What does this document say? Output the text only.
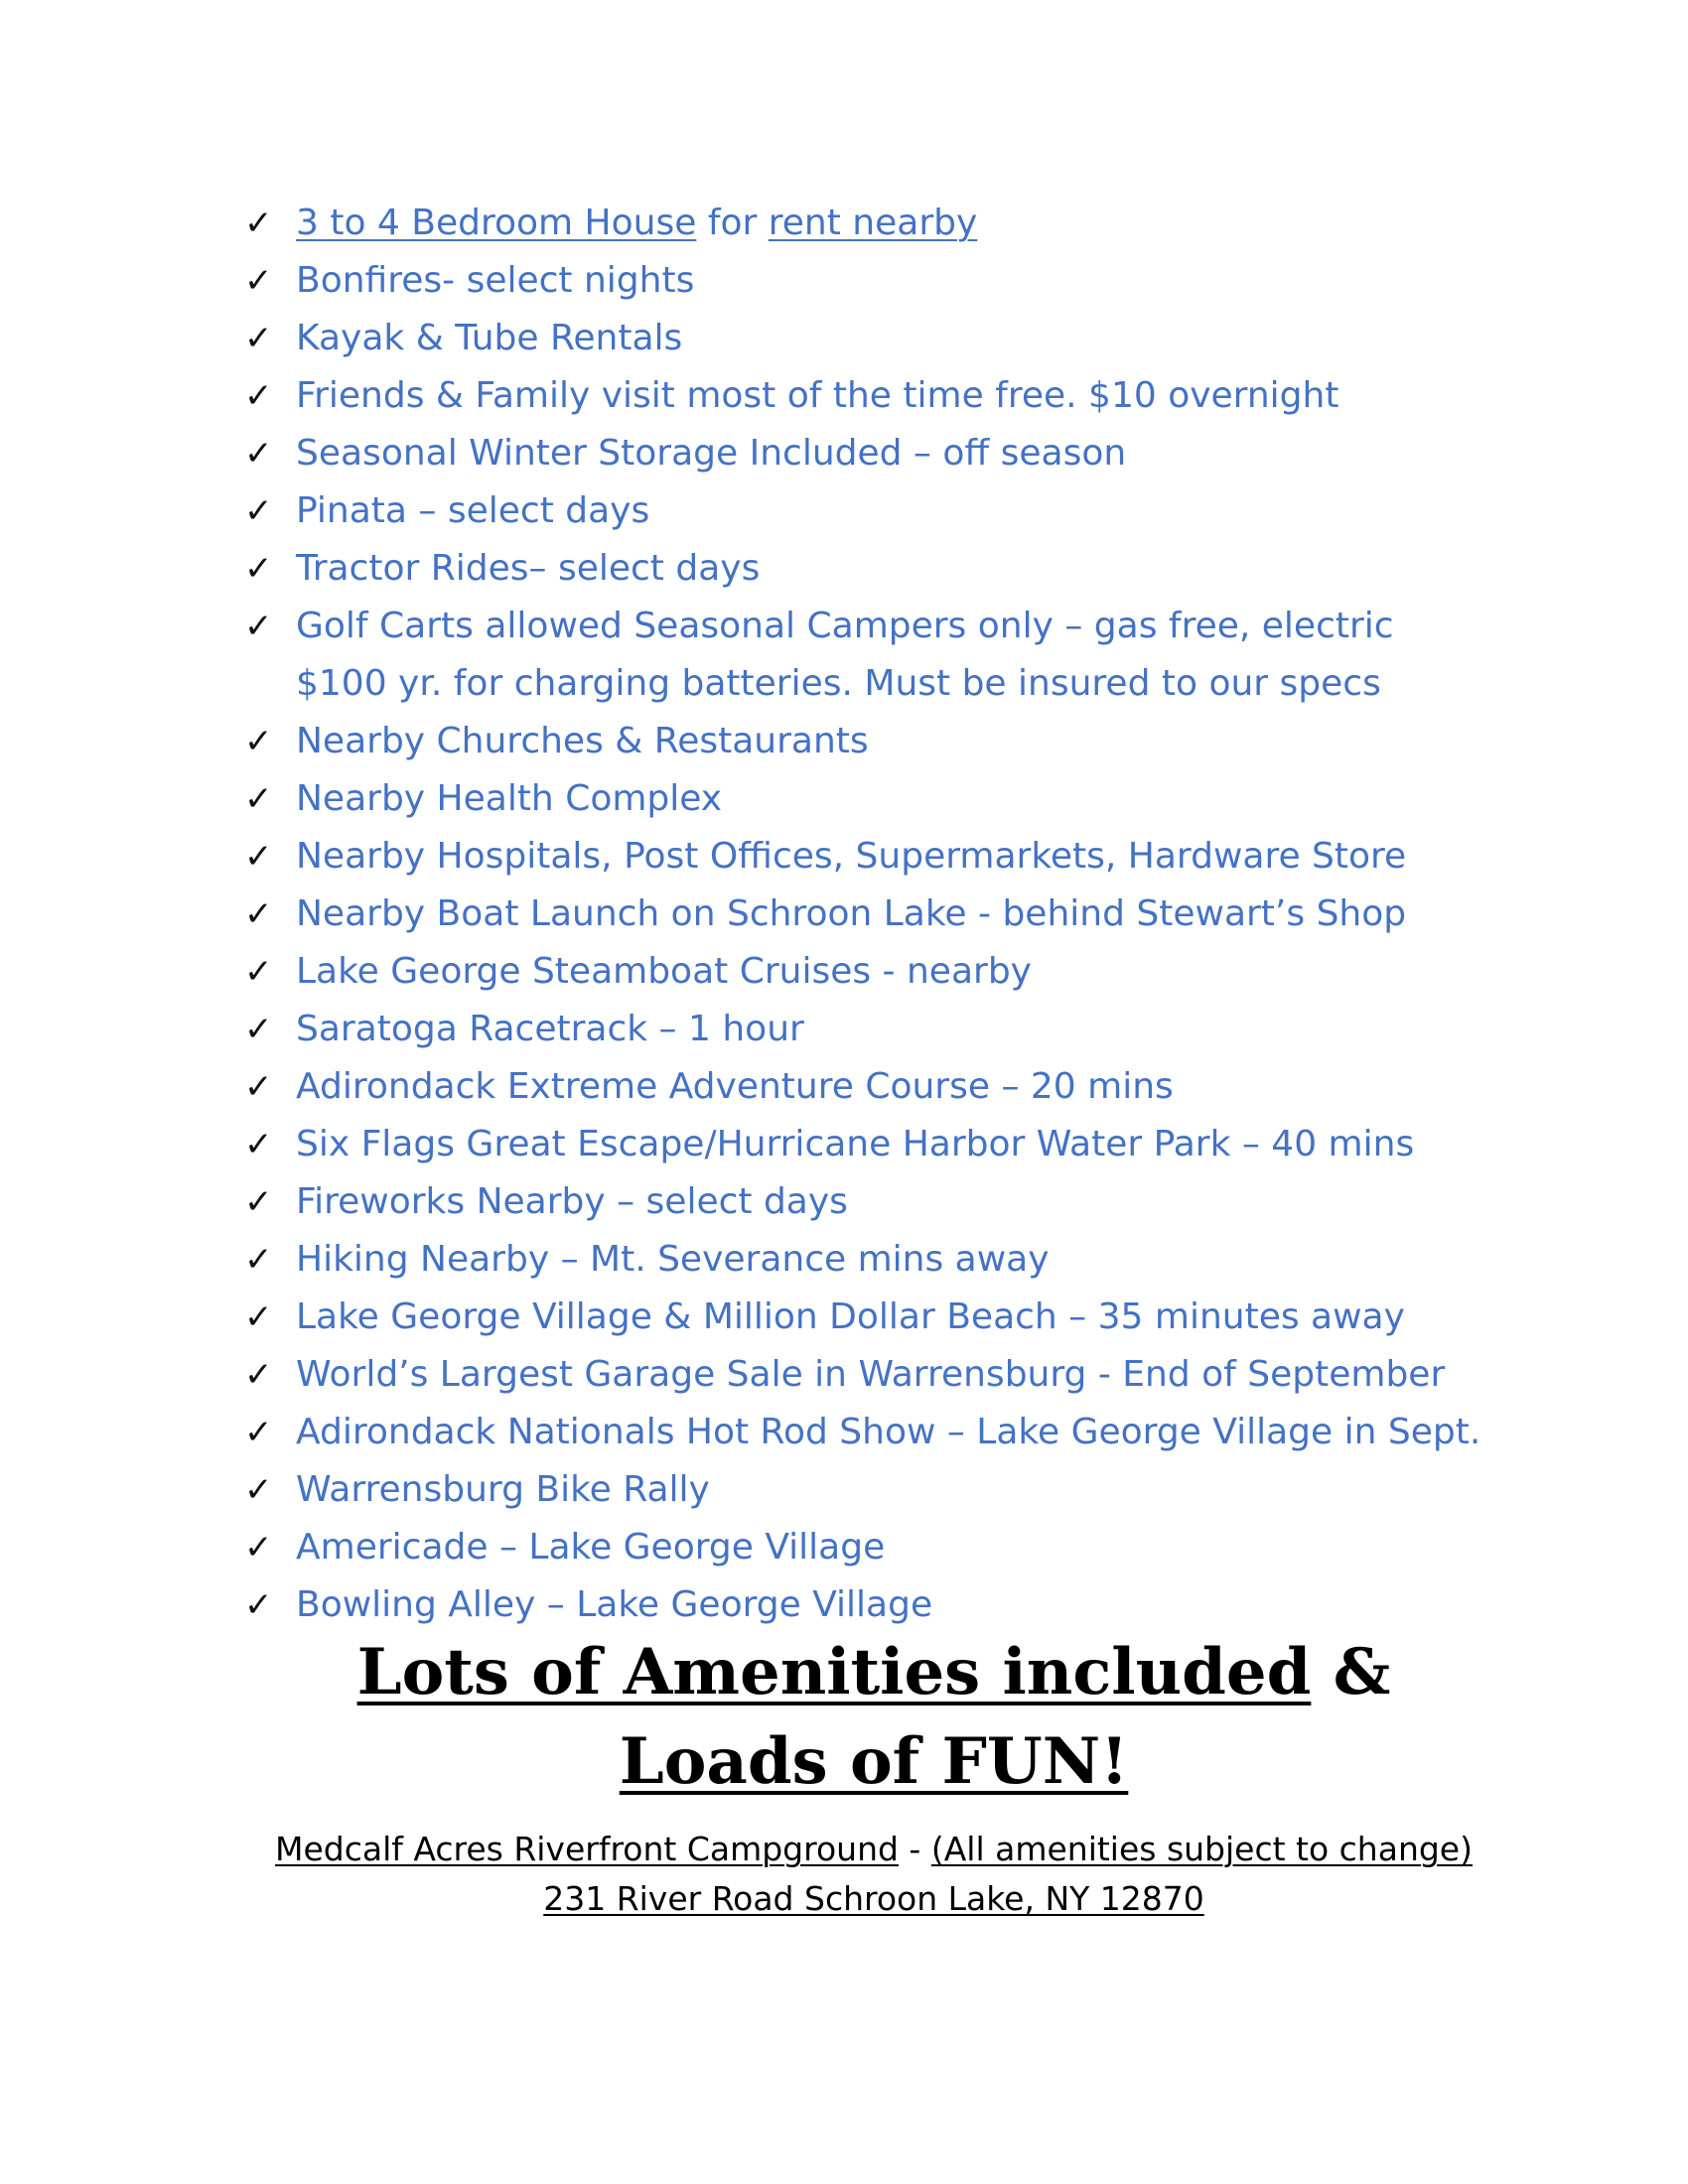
✓ 3 to 4 Bedroom House for rent nearby
✓ Bonfires- select nights
✓ Kayak & Tube Rentals
✓ Friends & Family visit most of the time free. $10 overnight
✓ Seasonal Winter Storage Included – off season
✓ Pinata – select days
✓ Tractor Rides– select days
✓ Golf Carts allowed Seasonal Campers only – gas free, electric $100 yr. for charging batteries. Must be insured to our specs
✓ Nearby Churches & Restaurants
✓ Nearby Health Complex
✓ Nearby Hospitals, Post Offices, Supermarkets, Hardware Store
✓ Nearby Boat Launch on Schroon Lake - behind Stewart’s Shop
✓ Lake George Steamboat Cruises - nearby
✓ Saratoga Racetrack – 1 hour
✓ Adirondack Extreme Adventure Course – 20 mins
✓ Six Flags Great Escape/Hurricane Harbor Water Park – 40 mins
✓ Fireworks Nearby – select days
✓ Hiking Nearby – Mt. Severance mins away
✓ Lake George Village & Million Dollar Beach – 35 minutes away
✓ World’s Largest Garage Sale in Warrensburg - End of September
✓ Adirondack Nationals Hot Rod Show – Lake George Village in Sept.
✓ Warrensburg Bike Rally
✓ Americade – Lake George Village
✓ Bowling Alley – Lake George Village
Lots of Amenities included & Loads of FUN!
Medcalf Acres Riverfront Campground - (All amenities subject to change)
231 River Road Schroon Lake, NY 12870
